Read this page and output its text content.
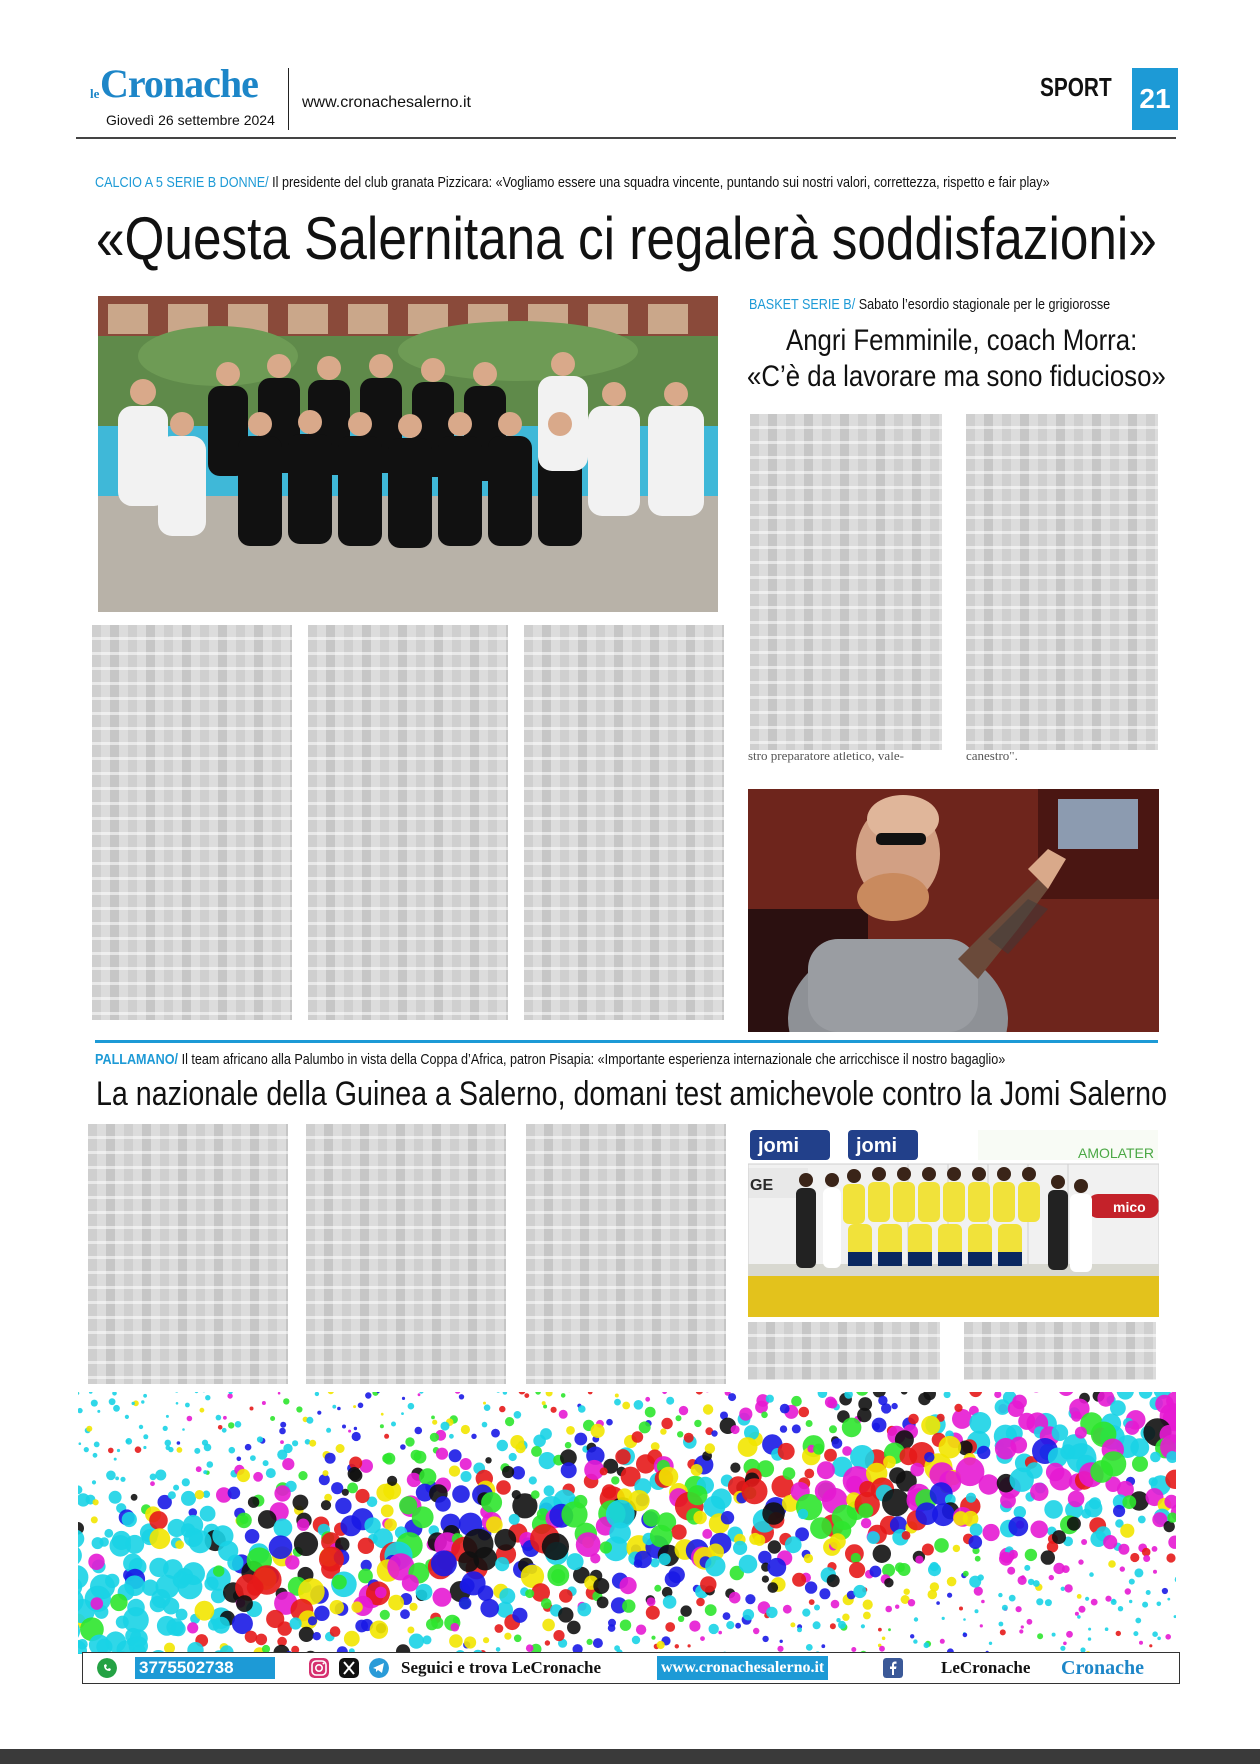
le Cronache
Giovedì 26 settembre 2024
www.cronachesalerno.it
SPORT 21
CALCIO A 5 SERIE B DONNE/ Il presidente del club granata Pizzicara: «Vogliamo essere una squadra vincente, puntando sui nostri valori, correttezza, rispetto e fair play»
«Questa Salernitana ci regalerà soddisfazioni»
BASKET SERIE B/ Sabato l’esordio stagionale per le grigiorosse
Angri Femminile, coach Morra:
«C’è da lavorare ma sono fiducioso»
stro preparatore atletico, vale-	canestro".
PALLAMANO/ Il team africano alla Palumbo in vista della Coppa d’Africa, patron Pisapia: «Importante esperienza internazionale che arricchisce il nostro bagaglio»
La nazionale della Guinea a Salerno, domani test amichevole contro la Jomi Salerno
jomi	jomi	AMOLATER
GE
mico
3775502738	Seguici e trova LeCronache	www.cronachesalerno.it	LeCronache Cronache
